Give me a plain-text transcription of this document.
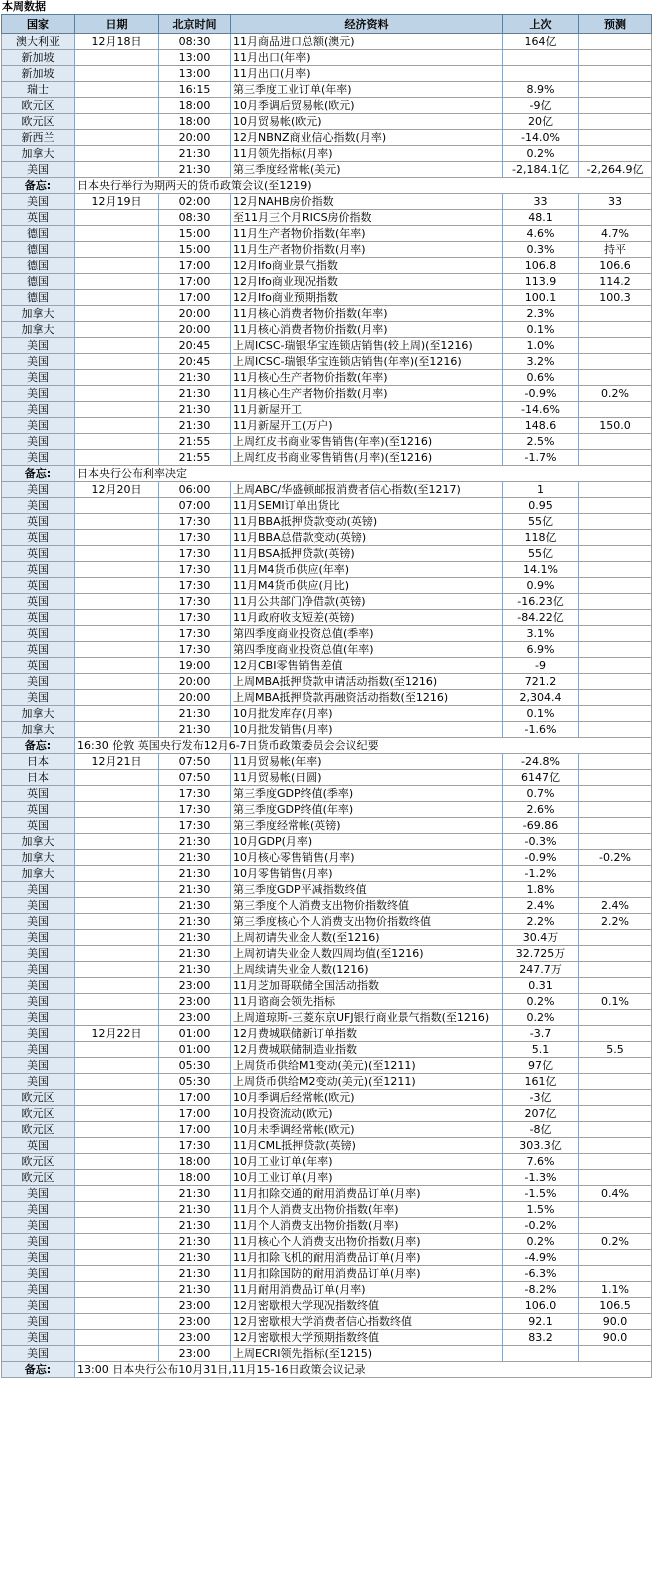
本周数据
国家	日期	北京时间	经济资料	上次	预测
澳大利亚	12月18日	08:30	11月商品进口总额(澳元)	164亿	
新加坡		13:00	11月出口(年率)		
新加坡		13:00	11月出口(月率)		
瑞士		16:15	第三季度工业订单(年率)	8.9%	
欧元区		18:00	10月季调后贸易帐(欧元)	-9亿	
欧元区		18:00	10月贸易帐(欧元)	20亿	
新西兰		20:00	12月NBNZ商业信心指数(月率)	-14.0%	
加拿大		21:30	11月领先指标(月率)	0.2%	
美国		21:30	第三季度经常帐(美元)	-2,184.1亿	-2,264.9亿
备忘:	日本央行举行为期两天的货币政策会议(至1219)				
美国	12月19日	02:00	12月NAHB房价指数	33	33
英国		08:30	至11月三个月RICS房价指数	48.1	
德国		15:00	11月生产者物价指数(年率)	4.6%	4.7%
德国		15:00	11月生产者物价指数(月率)	0.3%	持平
德国		17:00	12月Ifo商业景气指数	106.8	106.6
德国		17:00	12月Ifo商业现况指数	113.9	114.2
德国		17:00	12月Ifo商业预期指数	100.1	100.3
加拿大		20:00	11月核心消费者物价指数(年率)	2.3%	
加拿大		20:00	11月核心消费者物价指数(月率)	0.1%	
美国		20:45	上周ICSC-瑞银华宝连锁店销售(较上周)(至1216)	1.0%	
美国		20:45	上周ICSC-瑞银华宝连锁店销售(年率)(至1216)	3.2%	
美国		21:30	11月核心生产者物价指数(年率)	0.6%	
美国		21:30	11月核心生产者物价指数(月率)	-0.9%	0.2%
美国		21:30	11月新屋开工	-14.6%	
美国		21:30	11月新屋开工(万户)	148.6	150.0
美国		21:55	上周红皮书商业零售销售(年率)(至1216)	2.5%	
美国		21:55	上周红皮书商业零售销售(月率)(至1216)	-1.7%	
备忘:	日本央行公布利率决定				
美国	12月20日	06:00	上周ABC/华盛顿邮报消费者信心指数(至1217)	1	
美国		07:00	11月SEMI订单出货比	0.95	
英国		17:30	11月BBA抵押贷款变动(英镑)	55亿	
英国		17:30	11月BBA总借款变动(英镑)	118亿	
英国		17:30	11月BSA抵押贷款(英镑)	55亿	
英国		17:30	11月M4货币供应(年率)	14.1%	
英国		17:30	11月M4货币供应(月比)	0.9%	
英国		17:30	11月公共部门净借款(英镑)	-16.23亿	
英国		17:30	11月政府收支短差(英镑)	-84.22亿	
英国		17:30	第四季度商业投资总值(季率)	3.1%	
英国		17:30	第四季度商业投资总值(年率)	6.9%	
英国		19:00	12月CBI零售销售差值	-9	
美国		20:00	上周MBA抵押贷款申请活动指数(至1216)	721.2	
美国		20:00	上周MBA抵押贷款再融资活动指数(至1216)	2,304.4	
加拿大		21:30	10月批发库存(月率)	0.1%	
加拿大		21:30	10月批发销售(月率)	-1.6%	
备忘:	16:30 伦敦 英国央行发布12月6-7日货币政策委员会会议纪要				
日本	12月21日	07:50	11月贸易帐(年率)	-24.8%	
日本		07:50	11月贸易帐(日圆)	6147亿	
英国		17:30	第三季度GDP终值(季率)	0.7%	
英国		17:30	第三季度GDP终值(年率)	2.6%	
英国		17:30	第三季度经常帐(英镑)	-69.86	
加拿大		21:30	10月GDP(月率)	-0.3%	
加拿大		21:30	10月核心零售销售(月率)	-0.9%	-0.2%
加拿大		21:30	10月零售销售(月率)	-1.2%	
美国		21:30	第三季度GDP平减指数终值	1.8%	
美国		21:30	第三季度个人消费支出物价指数终值	2.4%	2.4%
美国		21:30	第三季度核心个人消费支出物价指数终值	2.2%	2.2%
美国		21:30	上周初请失业金人数(至1216)	30.4万	
美国		21:30	上周初请失业金人数四周均值(至1216)	32.725万	
美国		21:30	上周续请失业金人数(1216)	247.7万	
美国		23:00	11月芝加哥联储全国活动指数	0.31	
美国		23:00	11月谘商会领先指标	0.2%	0.1%
美国		23:00	上周道琼斯-三菱东京UFJ银行商业景气指数(至1216)	0.2%	
美国	12月22日	01:00	12月费城联储新订单指数	-3.7	
美国		01:00	12月费城联储制造业指数	5.1	5.5
美国		05:30	上周货币供给M1变动(美元)(至1211)	97亿	
美国		05:30	上周货币供给M2变动(美元)(至1211)	161亿	
欧元区		17:00	10月季调后经常帐(欧元)	-3亿	
欧元区		17:00	10月投资流动(欧元)	207亿	
欧元区		17:00	10月未季调经常帐(欧元)	-8亿	
英国		17:30	11月CML抵押贷款(英镑)	303.3亿	
欧元区		18:00	10月工业订单(年率)	7.6%	
欧元区		18:00	10月工业订单(月率)	-1.3%	
美国		21:30	11月扣除交通的耐用消费品订单(月率)	-1.5%	0.4%
美国		21:30	11月个人消费支出物价指数(年率)	1.5%	
美国		21:30	11月个人消费支出物价指数(月率)	-0.2%	
美国		21:30	11月核心个人消费支出物价指数(月率)	0.2%	0.2%
美国		21:30	11月扣除飞机的耐用消费品订单(月率)	-4.9%	
美国		21:30	11月扣除国防的耐用消费品订单(月率)	-6.3%	
美国		21:30	11月耐用消费品订单(月率)	-8.2%	1.1%
美国		23:00	12月密歇根大学现况指数终值	106.0	106.5
美国		23:00	12月密歇根大学消费者信心指数终值	92.1	90.0
美国		23:00	12月密歇根大学预期指数终值	83.2	90.0
美国		23:00	上周ECRI领先指标(至1215)		
备忘:	13:00 日本央行公布10月31日,11月15-16日政策会议记录				
